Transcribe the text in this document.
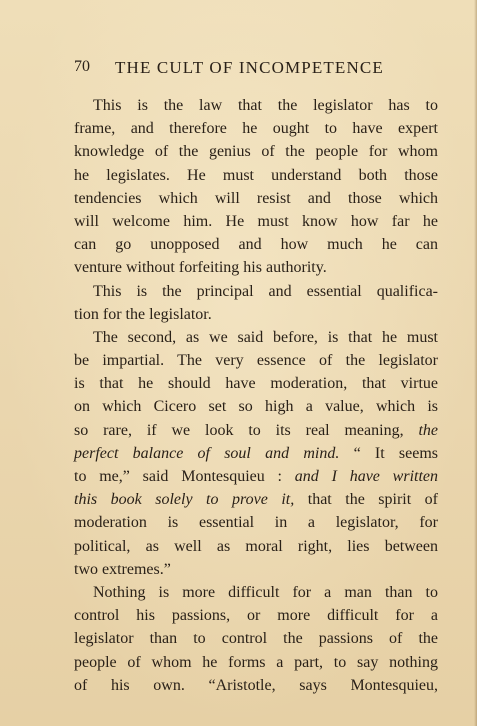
70 THE CULT OF INCOMPETENCE
This is the law that the legislator has to
frame, and therefore he ought to have expert
knowledge of the genius of the people for whom
he legislates. He must understand both those
tendencies which will resist and those which
will welcome him. He must know how far he
can go unopposed and how much he can
venture without forfeiting his authority.
This is the principal and essential qualifica-
tion for the legislator.
The second, as we said before, is that he must
be impartial. The very essence of the legislator
is that he should have moderation, that virtue
on which Cicero set so high a value, which is
so rare, if we look to its real meaning, the
perfect balance of soul and mind. “ It seems
to me,” said Montesquieu : and I have written
this book solely to prove it, that the spirit of
moderation is essential in a legislator, for
political, as well as moral right, lies between
two extremes.”
Nothing is more difficult for a man than to
control his passions, or more difficult for a
legislator than to control the passions of the
people of whom he forms a part, to say nothing
of his own. “Aristotle, says Montesquieu,
